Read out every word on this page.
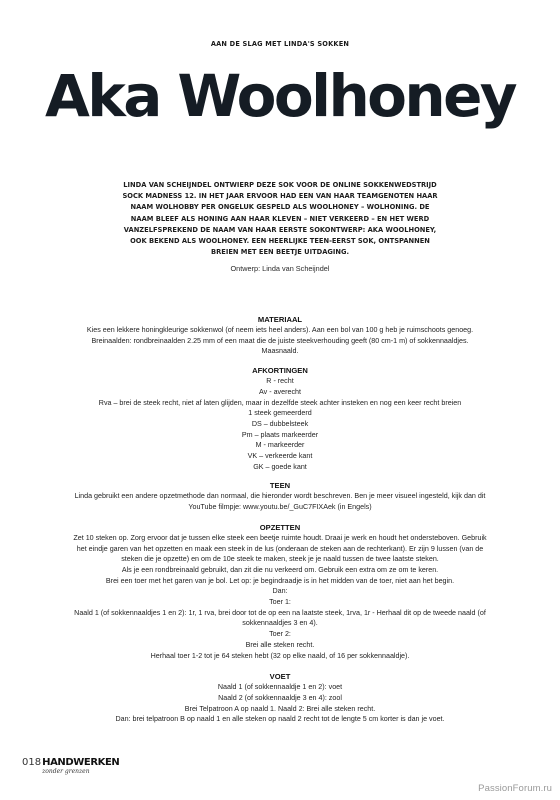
AAN DE SLAG MET LINDA'S SOKKEN
Aka Woolhoney

LINDA VAN SCHEIJNDEL ONTWIERP DEZE SOK VOOR DE ONLINE SOKKENWEDSTRIJD

SOCK MADNESS 12. IN HET JAAR ERVOOR HAD EEN VAN HAAR TEAMGENOTEN HAAR

NAAM WOLHOBBY PER ONGELUK GESPELD ALS WOOLHONEY – WOLHONING. DE

NAAM BLEEF ALS HONING AAN HAAR KLEVEN – NIET VERKEERD – EN HET WERD

VANZELFSPREKEND DE NAAM VAN HAAR EERSTE SOKONTWERP: AKA WOOLHONEY,

OOK BEKEND ALS WOOLHONEY. EEN HEERLIJKE TEEN-EERST SOK, ONTSPANNEN

BREIEN MET EEN BEETJE UITDAGING.

Ontwerp: Linda van Scheijndel
MATERIAAL

Kies een lekkere honingkleurige sokkenwol (of neem iets heel anders). Aan een bol van 100 g heb je ruimschoots genoeg.

Breinaalden: rondbreinaalden 2.25 mm of een maat die de juiste steekverhouding geeft (80 cm-1 m) of sokkennaaldjes.

Maasnaald.

AFKORTINGEN

R - recht

Av - averecht

Rva – brei de steek recht, niet af laten glijden, maar in dezelfde steek achter insteken en nog een keer recht breien

1 steek gemeerderd

DS – dubbelsteek

Pm – plaats markeerder

M - markeerder

VK – verkeerde kant

GK – goede kant

TEEN

Linda gebruikt een andere opzetmethode dan normaal, die hieronder wordt beschreven. Ben je meer visueel ingesteld, kijk dan dit

YouTube filmpje: www.youtu.be/_GuC7FIXAek (in Engels)

OPZETTEN

Zet 10 steken op. Zorg ervoor dat je tussen elke steek een beetje ruimte houdt. Draai je werk en houdt het ondersteboven. Gebruik

het eindje garen van het opzetten en maak een steek in de lus (onderaan de steken aan de rechterkant). Er zijn 9 lussen (van de

steken die je opzette) en om de 10e steek te maken, steek je je naald tussen de twee laatste steken.

Als je een rondbreinaald gebruikt, dan zit die nu verkeerd om. Gebruik een extra om ze om te keren.

Brei een toer met het garen van je bol. Let op: je begindraadje is in het midden van de toer, niet aan het begin.

Dan:

Toer 1:

Naald 1 (of sokkennaaldjes 1 en 2): 1r, 1 rva, brei door tot de op een na laatste steek, 1rva, 1r - Herhaal dit op de tweede naald (of

sokkennaaldjes 3 en 4).

Toer 2:

Brei alle steken recht.

Herhaal toer 1-2 tot je 64 steken hebt (32 op elke naald, of 16 per sokkennaaldje).

VOET

Naald 1 (of sokkennaaldje 1 en 2): voet

Naald 2 (of sokkennaaldje 3 en 4): zool

Brei Telpatroon A op naald 1. Naald 2: Brei alle steken recht.

Dan: brei telpatroon B op naald 1 en alle steken op naald 2 recht tot de lengte 5 cm korter is dan je voet.

018 HANDWERKEN
zonder grenzen
PassionForum.ru
